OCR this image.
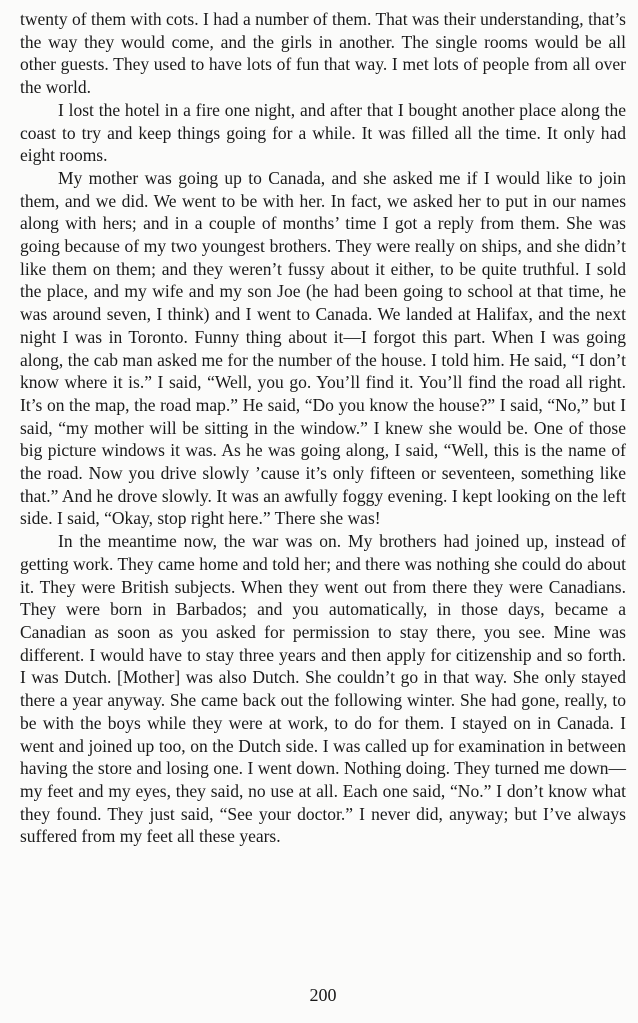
twenty of them with cots. I had a number of them. That was their understanding, that’s the way they would come, and the girls in another. The single rooms would be all other guests. They used to have lots of fun that way. I met lots of people from all over the world.

I lost the hotel in a fire one night, and after that I bought another place along the coast to try and keep things going for a while. It was filled all the time. It only had eight rooms.

My mother was going up to Canada, and she asked me if I would like to join them, and we did. We went to be with her. In fact, we asked her to put in our names along with hers; and in a couple of months’ time I got a reply from them. She was going because of my two youngest brothers. They were really on ships, and she didn’t like them on them; and they weren’t fussy about it either, to be quite truthful. I sold the place, and my wife and my son Joe (he had been going to school at that time, he was around seven, I think) and I went to Canada. We landed at Halifax, and the next night I was in Toronto. Funny thing about it—I forgot this part. When I was going along, the cab man asked me for the number of the house. I told him. He said, “I don’t know where it is.” I said, “Well, you go. You’ll find it. You’ll find the road all right. It’s on the map, the road map.” He said, “Do you know the house?” I said, “No,” but I said, “my mother will be sitting in the window.” I knew she would be. One of those big picture windows it was. As he was going along, I said, “Well, this is the name of the road. Now you drive slowly ’cause it’s only fifteen or seventeen, something like that.” And he drove slowly. It was an awfully foggy evening. I kept looking on the left side. I said, “Okay, stop right here.” There she was!

In the meantime now, the war was on. My brothers had joined up, instead of getting work. They came home and told her; and there was nothing she could do about it. They were British subjects. When they went out from there they were Canadians. They were born in Barbados; and you automatically, in those days, became a Canadian as soon as you asked for permission to stay there, you see. Mine was different. I would have to stay three years and then apply for citizenship and so forth. I was Dutch. [Mother] was also Dutch. She couldn’t go in that way. She only stayed there a year anyway. She came back out the following winter. She had gone, really, to be with the boys while they were at work, to do for them. I stayed on in Canada. I went and joined up too, on the Dutch side. I was called up for examination in between having the store and losing one. I went down. Nothing doing. They turned me down—my feet and my eyes, they said, no use at all. Each one said, “No.” I don’t know what they found. They just said, “See your doctor.” I never did, anyway; but I’ve always suffered from my feet all these years.

200
